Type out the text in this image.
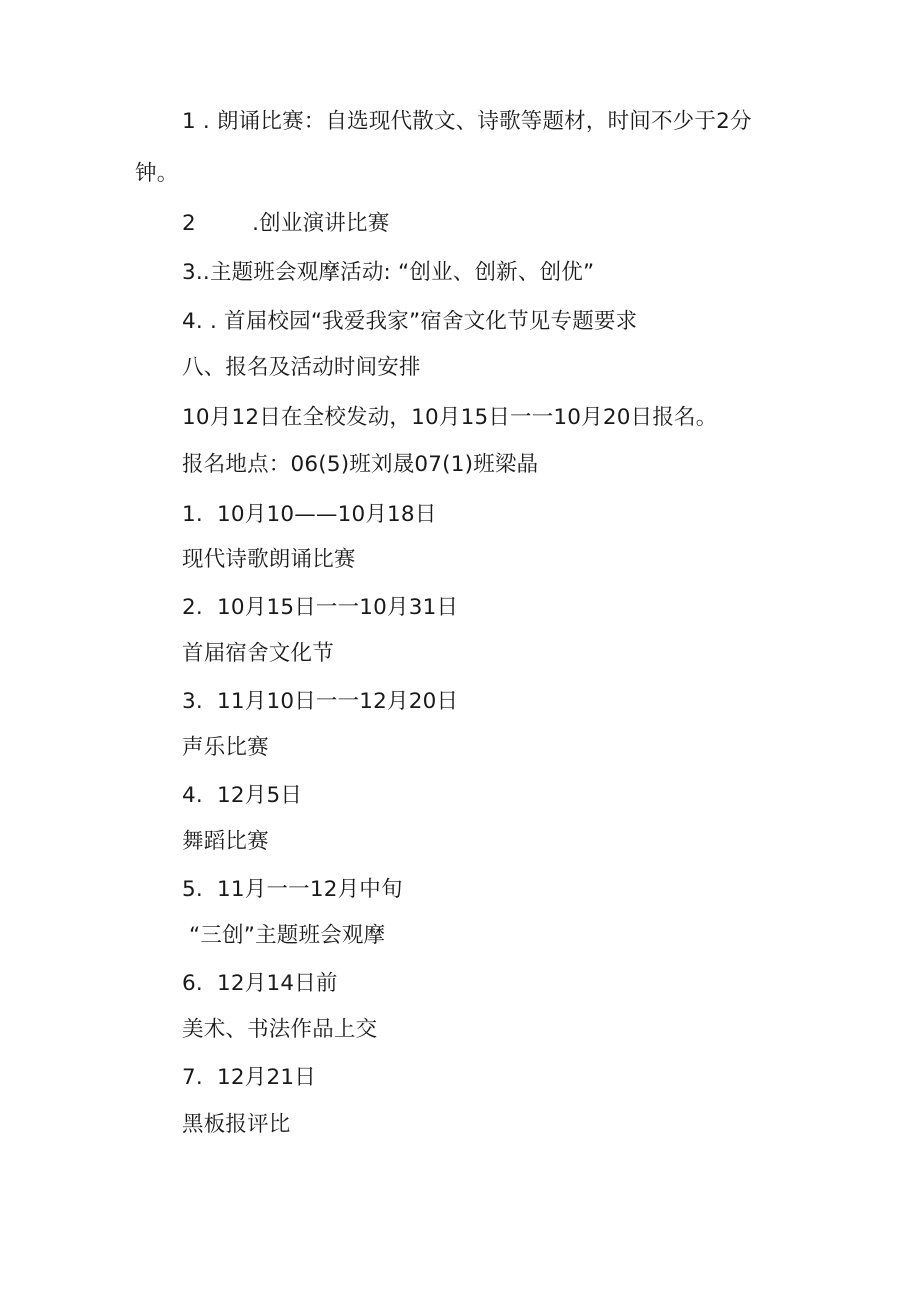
1 . 朗诵比赛：自选现代散文、诗歌等题材，时间不少于2分
钟。
2        .创业演讲比赛
3..主题班会观摩活动: “创业、创新、创优”
4. . 首届校园“我爱我家”宿舍文化节见专题要求
八、报名及活动时间安排
10月12日在全校发动，10月15日一一10月20日报名。
报名地点：06(5)班刘晟07(1)班梁晶
1.  10月10——10月18日
现代诗歌朗诵比赛
2.  10月15日一一10月31日
首届宿舍文化节
3.  11月10日一一12月20日
声乐比赛
4.  12月5日
舞蹈比赛
5.  11月一一12月中旬
“三创”主题班会观摩
6.  12月14日前
美术、书法作品上交
7.  12月21日
黑板报评比
